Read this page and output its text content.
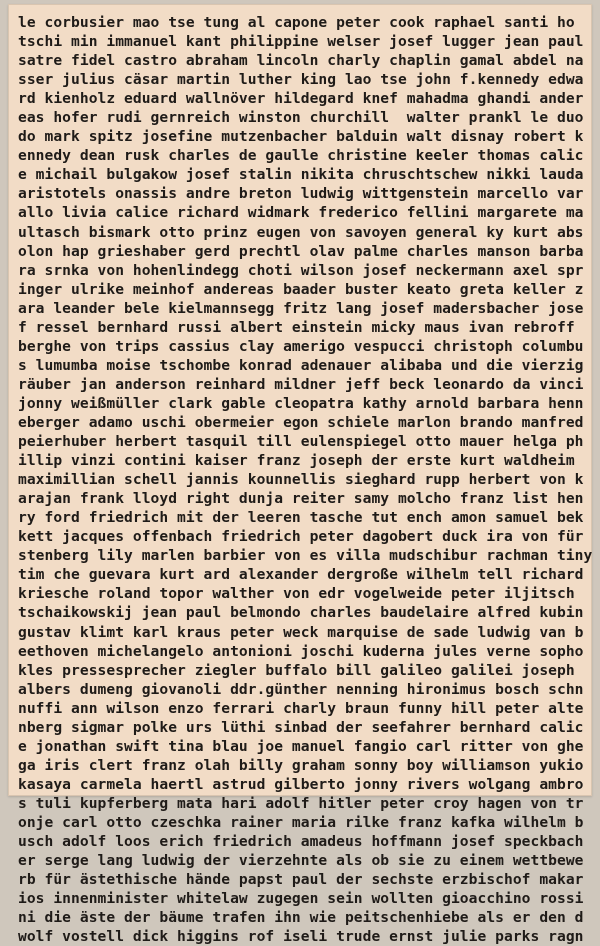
le corbusier mao tse tung al capone peter cook raphael santi ho
tschi min immanuel kant philippine welser josef lugger jean paul
satre fidel castro abraham lincoln charly chaplin gamal abdel na
sser julius cäsar martin luther king lao tse john f.kennedy edwa
rd kienholz eduard wallnöver hildegard knef mahadma ghandi ander
eas hofer rudi gernreich winston churchill  walter prankl le duo
do mark spitz josefine mutzenbacher balduin walt disnay robert k
ennedy dean rusk charles de gaulle christine keeler thomas calic
e michail bulgakow josef stalin nikita chruschtschew nikki lauda
aristotels onassis andre breton ludwig wittgenstein marcello var
allo livia calice richard widmark frederico fellini margarete ma
ultasch bismark otto prinz eugen von savoyen general ky kurt abs
olon hap grieshaber gerd prechtl olav palme charles manson barba
ra srnka von hohenlindegg choti wilson josef neckermann axel spr
inger ulrike meinhof andereas baader buster keato greta keller z
ara leander bele kielmannsegg fritz lang josef madersbacher jose
f ressel bernhard russi albert einstein micky maus ivan rebroff
berghe von trips cassius clay amerigo vespucci christoph columbu
s lumumba moise tschombe konrad adenauer alibaba und die vierzig
räuber jan anderson reinhard mildner jeff beck leonardo da vinci
jonny weißmüller clark gable cleopatra kathy arnold barbara henn
eberger adamo uschi obermeier egon schiele marlon brando manfred
peierhuber herbert tasquil till eulenspiegel otto mauer helga ph
illip vinzi contini kaiser franz joseph der erste kurt waldheim
maximillian schell jannis kounnellis sieghard rupp herbert von k
arajan frank lloyd right dunja reiter samy molcho franz list hen
ry ford friedrich mit der leeren tasche tut ench amon samuel bek
kett jacques offenbach friedrich peter dagobert duck ira von für
stenberg lily marlen barbier von es villa mudschibur rachman tiny
tim che guevara kurt ard alexander dergroße wilhelm tell richard
kriesche roland topor walther von edr vogelweide peter iljitsch
tschaikowskij jean paul belmondo charles baudelaire alfred kubin
gustav klimt karl kraus peter weck marquise de sade ludwig van b
eethoven michelangelo antonioni joschi kuderna jules verne sopho
kles pressesprecher ziegler buffalo bill galileo galilei joseph
albers dumeng giovanoli ddr.günther nenning hironimus bosch schn
nuffi ann wilson enzo ferrari charly braun funny hill peter alte
nberg sigmar polke urs lüthi sinbad der seefahrer bernhard calic
e jonathan swift tina blau joe manuel fangio carl ritter von ghe
ga iris clert franz olah billy graham sonny boy williamson yukio
kasaya carmela haertl astrud gilberto jonny rivers wolgang ambro
s tuli kupferberg mata hari adolf hitler peter croy hagen von tr
onje carl otto czeschka rainer maria rilke franz kafka wilhelm b
usch adolf loos erich friedrich amadeus hoffmann josef speckbach
er serge lang ludwig der vierzehnte als ob sie zu einem wettbewe
rb für ästethische hände papst paul der sechste erzbischof makar
ios innenminister whitelaw zugegen sein wollten gioacchino rossi
ni die äste der bäume trafen ihn wie peitschenhiebe als er den d
wolf vostell dick higgins rof iseli trude ernst julie parks ragn
